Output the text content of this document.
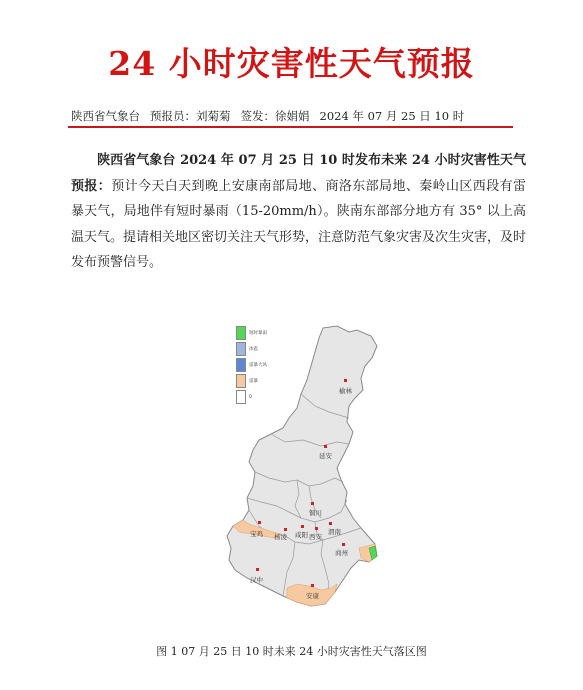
24 小时灾害性天气预报
陕西省气象台 预报员：刘菊菊 签发：徐娟娟 2024 年 07 月 25 日 10 时
陕西省气象台 2024 年 07 月 25 日 10 时发布未来 24 小时灾害性天气预报：预计今天白天到晚上安康南部局地、商洛东部局地、秦岭山区西段有雷暴天气，局地伴有短时暴雨（15-20mm/h）。陕南东部部分地方有 35° 以上高温天气。提请相关地区密切关注天气形势，注意防范气象灾害及次生灾害，及时发布预警信号。
榆林
延安
铜川
渭南
宝鸡 杨凌 咸阳 西安
商州
汉中
安康
短时暴雨
冰雹
雷暴大风
雷暴
0
图 1 07 月 25 日 10 时未来 24 小时灾害性天气落区图
